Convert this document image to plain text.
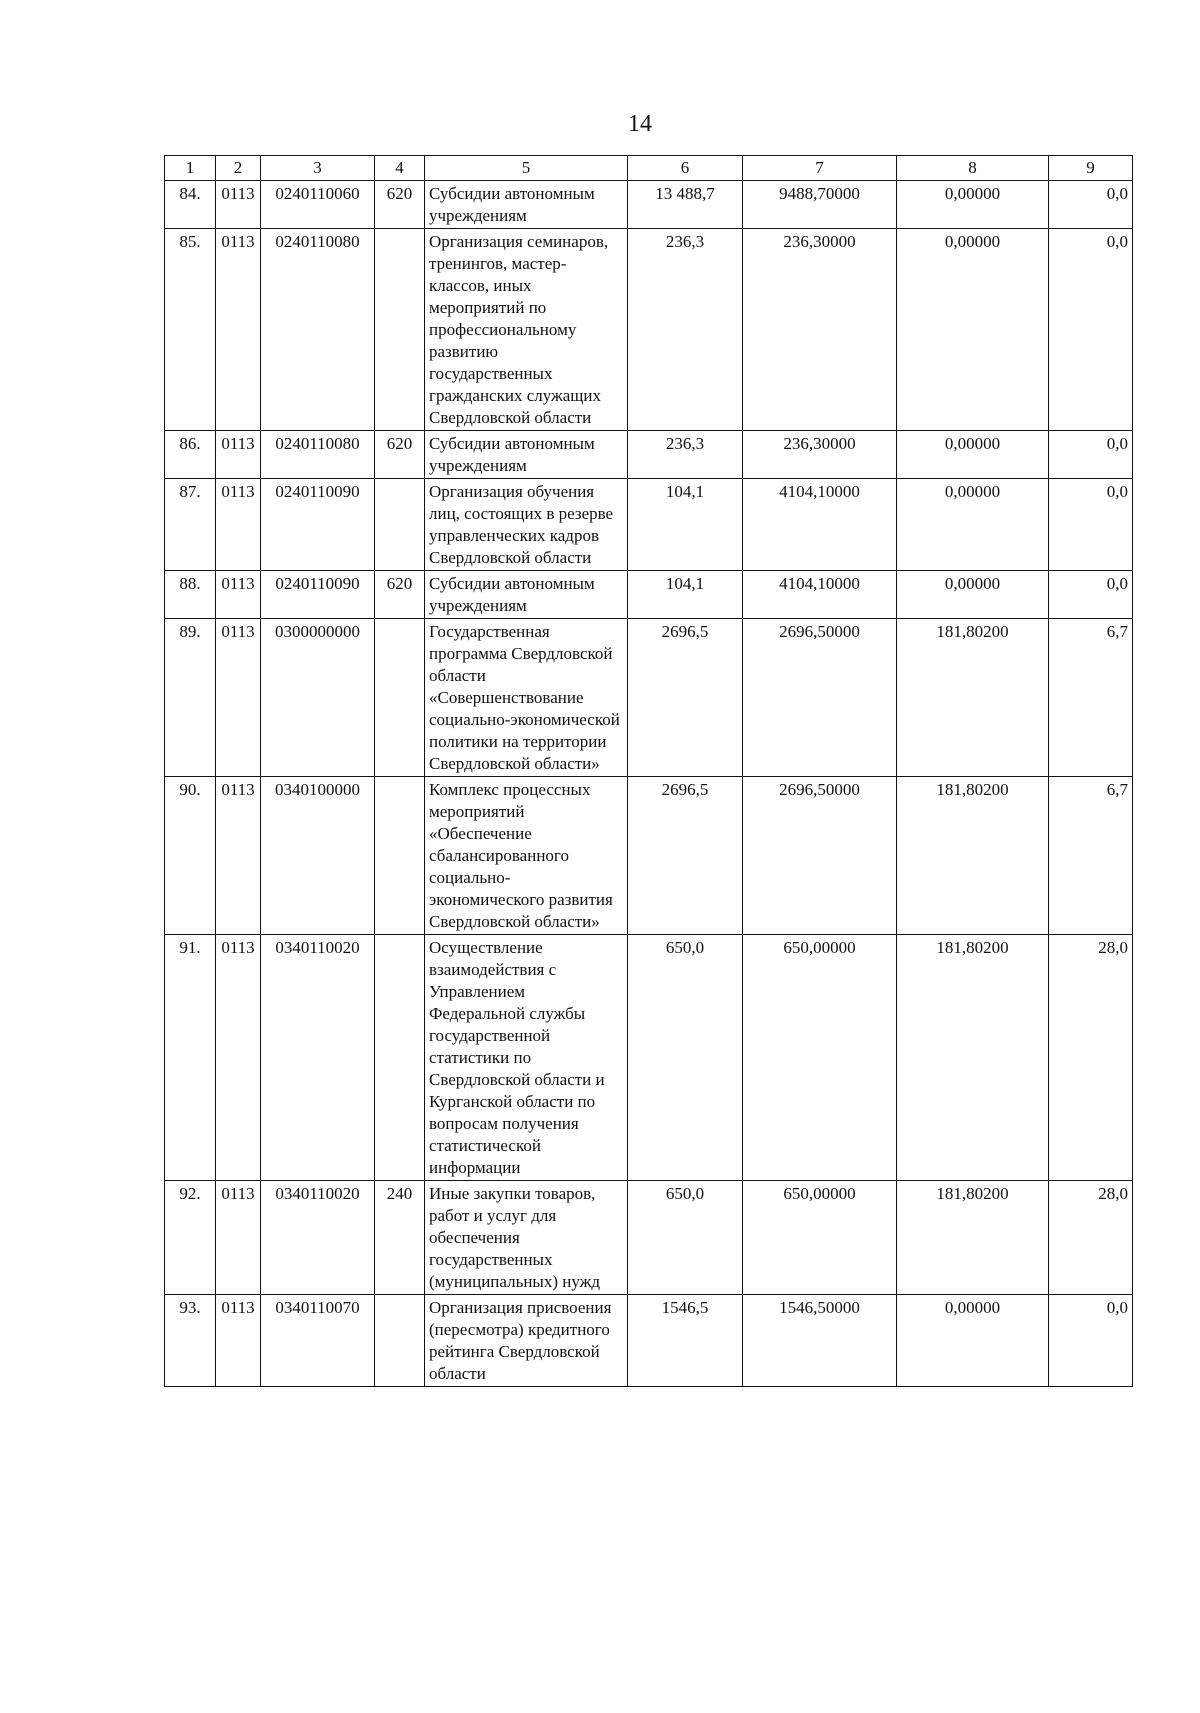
14
1	2	3	4	5	6	7	8	9
84.	0113	0240110060	620	Субсидии автономным учреждениям	13 488,7	9488,70000	0,00000	0,0
85.	0113	0240110080		Организация семинаров, тренингов, мастер-классов, иных мероприятий по профессиональному развитию государственных гражданских служащих Свердловской области	236,3	236,30000	0,00000	0,0
86.	0113	0240110080	620	Субсидии автономным учреждениям	236,3	236,30000	0,00000	0,0
87.	0113	0240110090		Организация обучения лиц, состоящих в резерве управленческих кадров Свердловской области	104,1	4104,10000	0,00000	0,0
88.	0113	0240110090	620	Субсидии автономным учреждениям	104,1	4104,10000	0,00000	0,0
89.	0113	0300000000		Государственная программа Свердловской области «Совершенствование социально-экономической политики на территории Свердловской области»	2696,5	2696,50000	181,80200	6,7
90.	0113	0340100000		Комплекс процессных мероприятий «Обеспечение сбалансированного социально-экономического развития Свердловской области»	2696,5	2696,50000	181,80200	6,7
91.	0113	0340110020		Осуществление взаимодействия с Управлением Федеральной службы государственной статистики по Свердловской области и Курганской области по вопросам получения статистической информации	650,0	650,00000	181,80200	28,0
92.	0113	0340110020	240	Иные закупки товаров, работ и услуг для обеспечения государственных (муниципальных) нужд	650,0	650,00000	181,80200	28,0
93.	0113	0340110070		Организация присвоения (пересмотра) кредитного рейтинга Свердловской области	1546,5	1546,50000	0,00000	0,0
